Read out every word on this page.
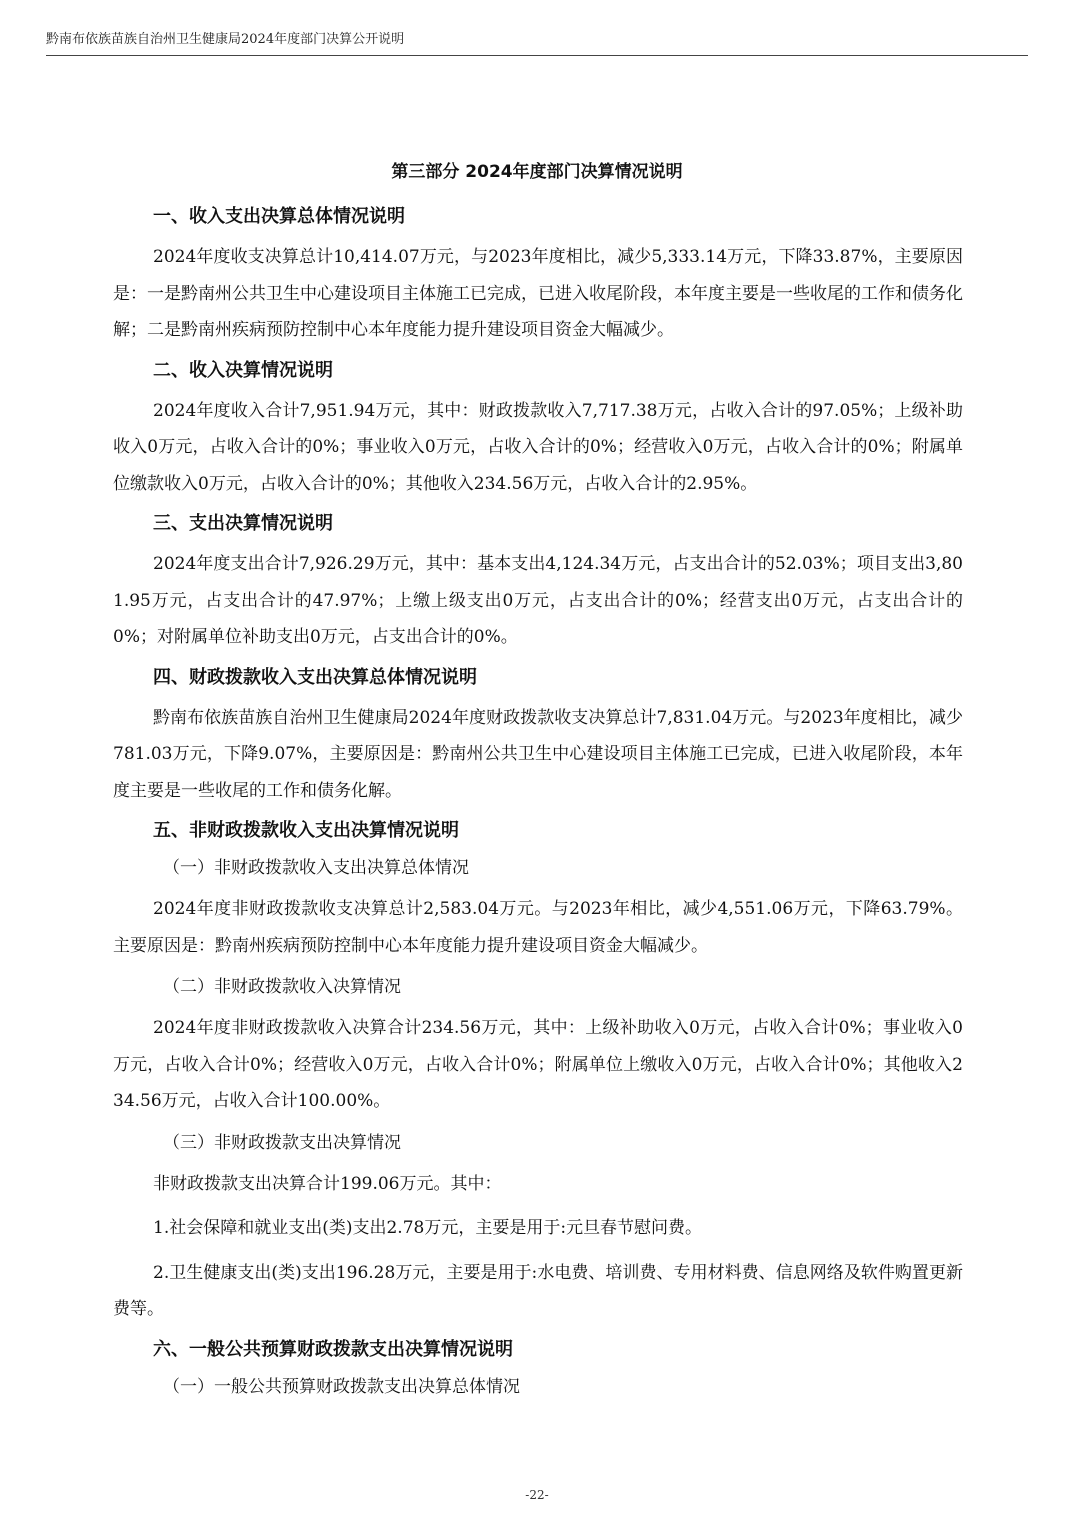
黔南布依族苗族自治州卫生健康局2024年度部门决算公开说明
第三部分 2024年度部门决算情况说明
一、收入支出决算总体情况说明
2024年度收支决算总计10,414.07万元，与2023年度相比，减少5,333.14万元，下降33.87%，主要原因是：一是黔南州公共卫生中心建设项目主体施工已完成，已进入收尾阶段，本年度主要是一些收尾的工作和债务化解；二是黔南州疾病预防控制中心本年度能力提升建设项目资金大幅减少。
二、收入决算情况说明
2024年度收入合计7,951.94万元，其中：财政拨款收入7,717.38万元，占收入合计的97.05%；上级补助收入0万元，占收入合计的0%；事业收入0万元，占收入合计的0%；经营收入0万元，占收入合计的0%；附属单位缴款收入0万元，占收入合计的0%；其他收入234.56万元，占收入合计的2.95%。
三、支出决算情况说明
2024年度支出合计7,926.29万元，其中：基本支出4,124.34万元，占支出合计的52.03%；项目支出3,801.95万元，占支出合计的47.97%；上缴上级支出0万元，占支出合计的0%；经营支出0万元，占支出合计的0%；对附属单位补助支出0万元，占支出合计的0%。
四、财政拨款收入支出决算总体情况说明
黔南布依族苗族自治州卫生健康局2024年度财政拨款收支决算总计7,831.04万元。与2023年度相比，减少781.03万元，下降9.07%，主要原因是：黔南州公共卫生中心建设项目主体施工已完成，已进入收尾阶段，本年度主要是一些收尾的工作和债务化解。
五、非财政拨款收入支出决算情况说明
（一）非财政拨款收入支出决算总体情况
2024年度非财政拨款收支决算总计2,583.04万元。与2023年相比，减少4,551.06万元，下降63.79%。主要原因是：黔南州疾病预防控制中心本年度能力提升建设项目资金大幅减少。
（二）非财政拨款收入决算情况
2024年度非财政拨款收入决算合计234.56万元，其中：上级补助收入0万元，占收入合计0%；事业收入0万元，占收入合计0%；经营收入0万元，占收入合计0%；附属单位上缴收入0万元，占收入合计0%；其他收入234.56万元，占收入合计100.00%。
（三）非财政拨款支出决算情况
非财政拨款支出决算合计199.06万元。其中：
1.社会保障和就业支出(类)支出2.78万元，主要是用于:元旦春节慰问费。
2.卫生健康支出(类)支出196.28万元，主要是用于:水电费、培训费、专用材料费、信息网络及软件购置更新费等。
六、一般公共预算财政拨款支出决算情况说明
（一）一般公共预算财政拨款支出决算总体情况
-22-
